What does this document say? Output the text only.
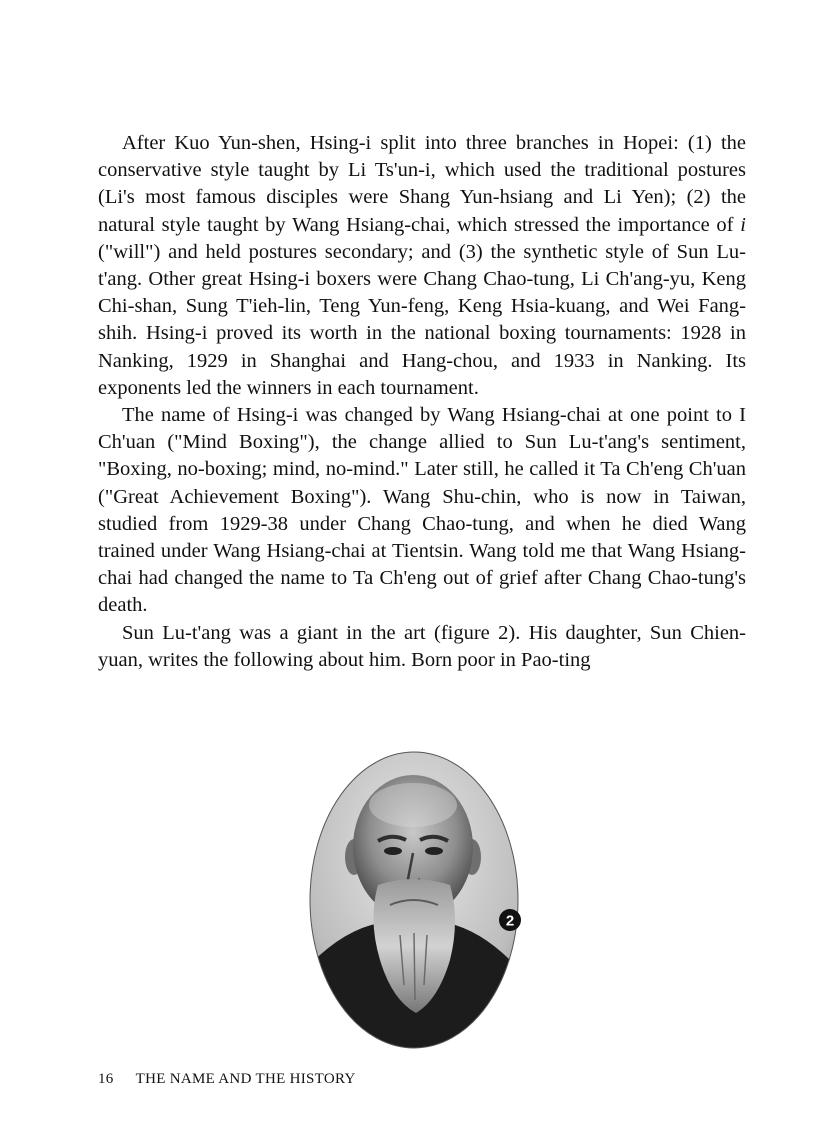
After Kuo Yun-shen, Hsing-i split into three branches in Hopei: (1) the conservative style taught by Li Ts'un-i, which used the traditional postures (Li's most famous disciples were Shang Yun-hsiang and Li Yen); (2) the natural style taught by Wang Hsiang-chai, which stressed the importance of i ("will") and held postures secondary; and (3) the synthetic style of Sun Lu-t'ang. Other great Hsing-i boxers were Chang Chao-tung, Li Ch'ang-yu, Keng Chi-shan, Sung T'ieh-lin, Teng Yun-feng, Keng Hsia-kuang, and Wei Fang-shih. Hsing-i proved its worth in the national boxing tournaments: 1928 in Nanking, 1929 in Shanghai and Hang-chou, and 1933 in Nanking. Its exponents led the winners in each tournament.

The name of Hsing-i was changed by Wang Hsiang-chai at one point to I Ch'uan ("Mind Boxing"), the change allied to Sun Lu-t'ang's sentiment, "Boxing, no-boxing; mind, no-mind." Later still, he called it Ta Ch'eng Ch'uan ("Great Achievement Boxing"). Wang Shu-chin, who is now in Taiwan, studied from 1929-38 under Chang Chao-tung, and when he died Wang trained under Wang Hsiang-chai at Tientsin. Wang told me that Wang Hsiang-chai had changed the name to Ta Ch'eng out of grief after Chang Chao-tung's death.

Sun Lu-t'ang was a giant in the art (figure 2). His daughter, Sun Chien-yuan, writes the following about him. Born poor in Pao-ting

2
16 THE NAME AND THE HISTORY
